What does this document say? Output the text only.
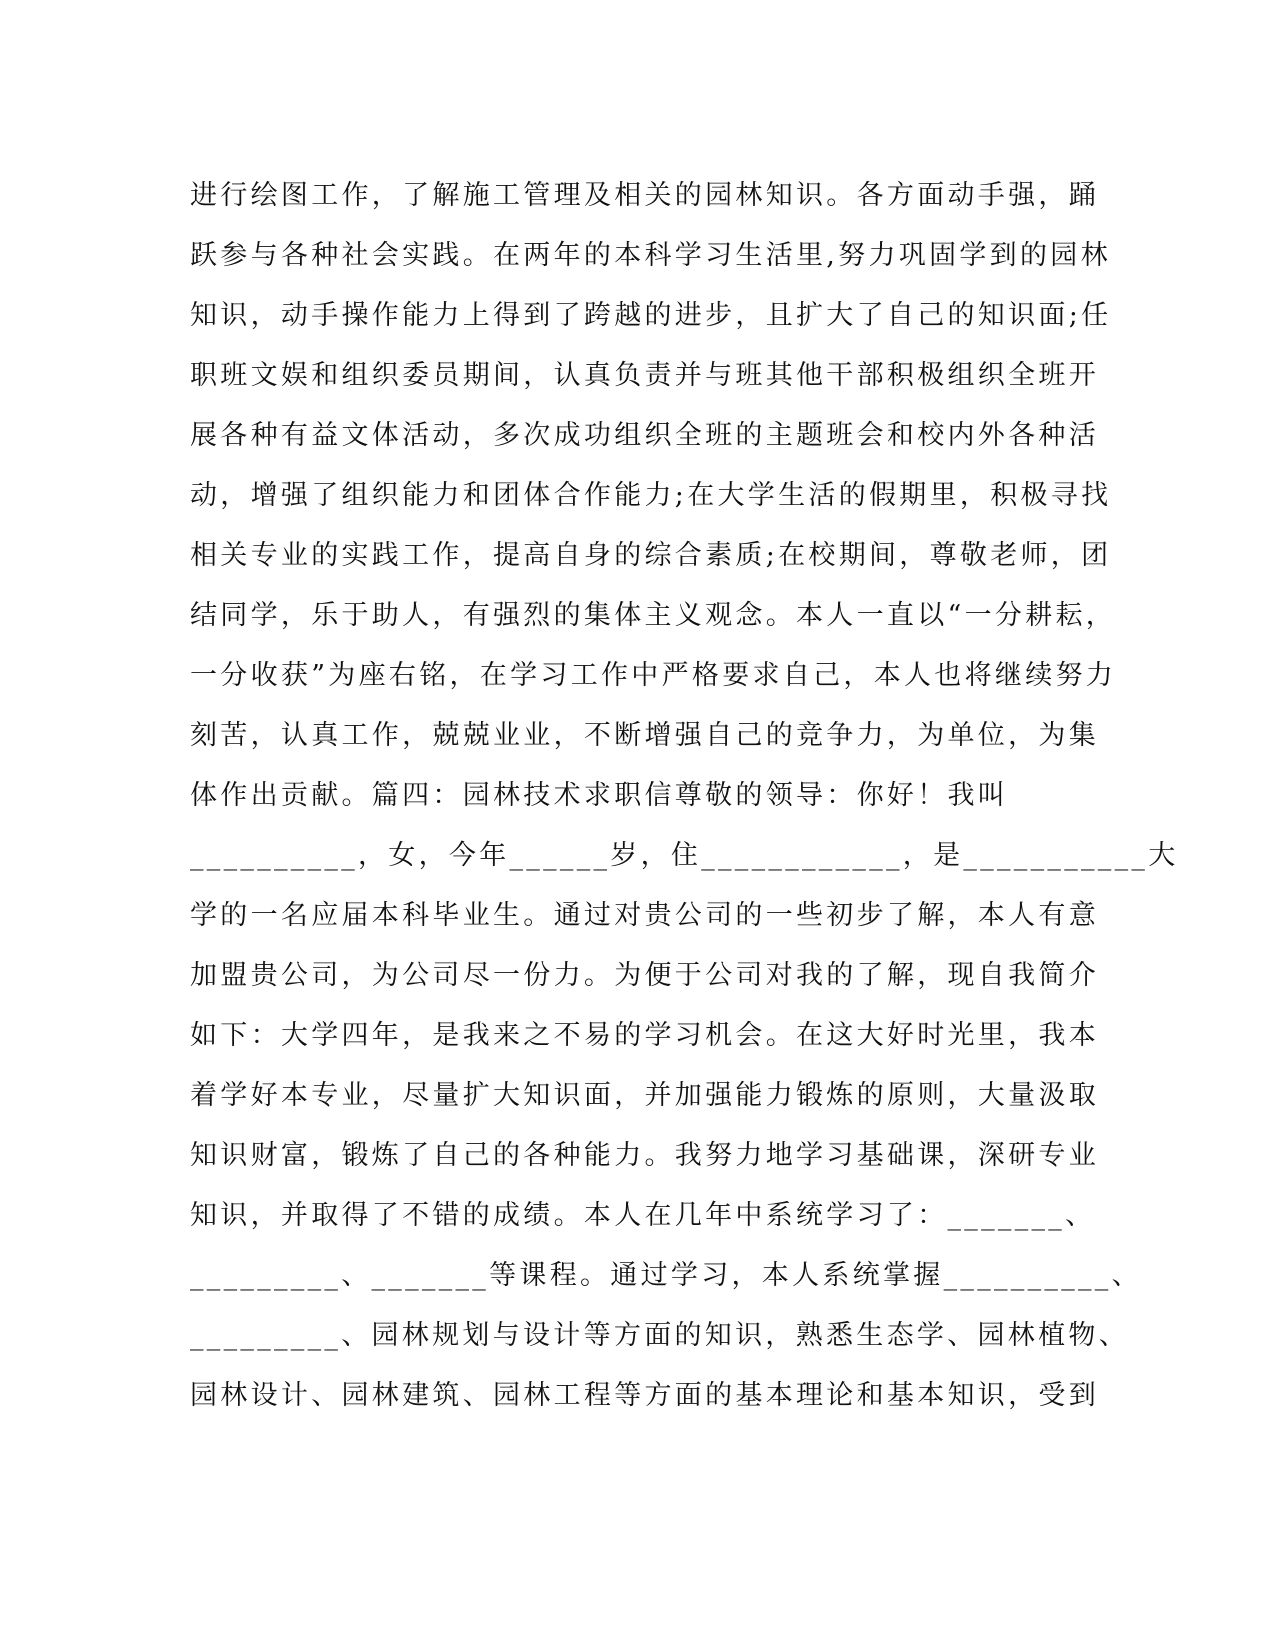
进行绘图工作，了解施工管理及相关的园林知识。各方面动手强，踊
跃参与各种社会实践。在两年的本科学习生活里,努力巩固学到的园林
知识，动手操作能力上得到了跨越的进步，且扩大了自己的知识面;任
职班文娱和组织委员期间，认真负责并与班其他干部积极组织全班开
展各种有益文体活动，多次成功组织全班的主题班会和校内外各种活
动，增强了组织能力和团体合作能力;在大学生活的假期里，积极寻找
相关专业的实践工作，提高自身的综合素质;在校期间，尊敬老师，团
结同学，乐于助人，有强烈的集体主义观念。本人一直以“一分耕耘，
一分收获”为座右铭，在学习工作中严格要求自己，本人也将继续努力
刻苦，认真工作，兢兢业业，不断增强自己的竞争力，为单位，为集
体作出贡献。篇四：园林技术求职信尊敬的领导：你好！我叫
__________，女，今年______岁，住____________，是___________大
学的一名应届本科毕业生。通过对贵公司的一些初步了解，本人有意
加盟贵公司，为公司尽一份力。为便于公司对我的了解，现自我简介
如下：大学四年，是我来之不易的学习机会。在这大好时光里，我本
着学好本专业，尽量扩大知识面，并加强能力锻炼的原则，大量汲取
知识财富，锻炼了自己的各种能力。我努力地学习基础课，深研专业
知识，并取得了不错的成绩。本人在几年中系统学习了：_______、
_________、_______等课程。通过学习，本人系统掌握__________、
_________、园林规划与设计等方面的知识，熟悉生态学、园林植物、
园林设计、园林建筑、园林工程等方面的基本理论和基本知识，受到
